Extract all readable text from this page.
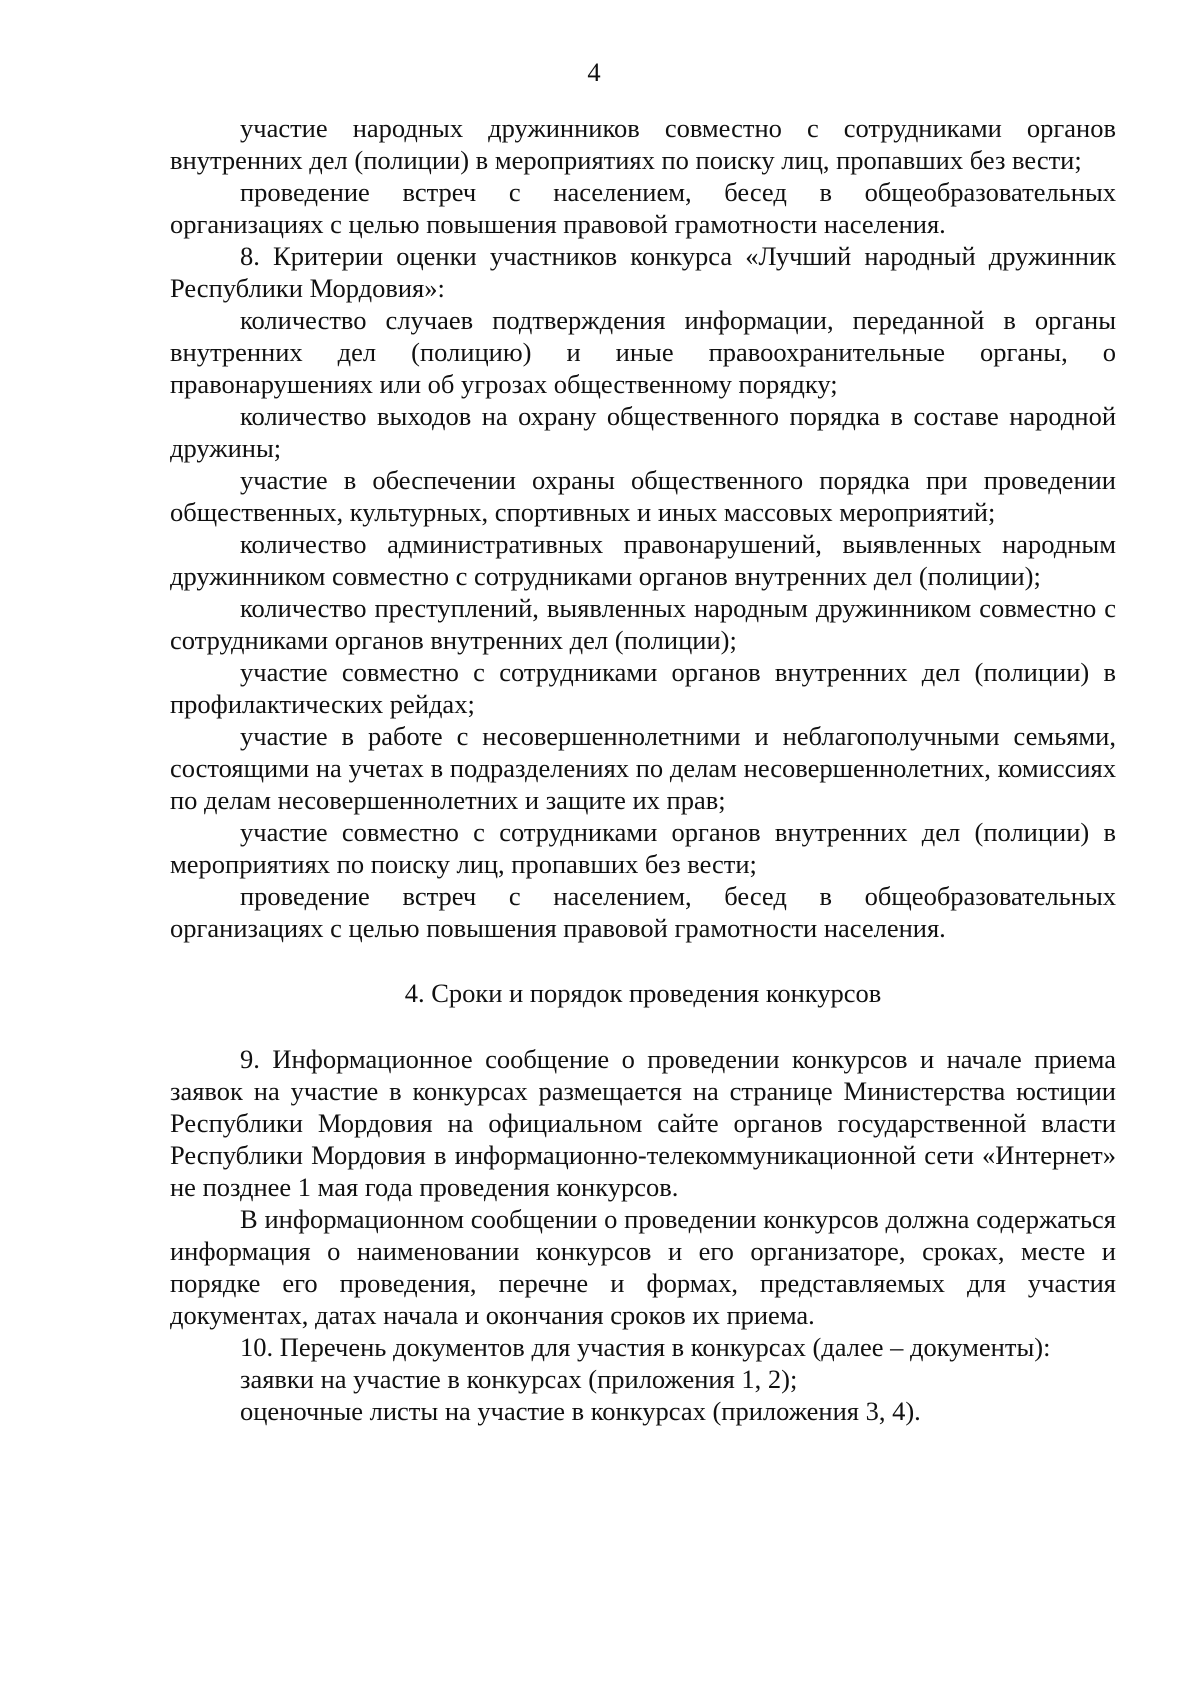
4

участие народных дружинников совместно с сотрудниками органов внутренних дел (полиции) в мероприятиях по поиску лиц, пропавших без вести;

проведение встреч с населением, бесед в общеобразовательных организациях с целью повышения правовой грамотности населения.

8. Критерии оценки участников конкурса «Лучший народный дружинник Республики Мордовия»:

количество случаев подтверждения информации, переданной в органы внутренних дел (полицию) и иные правоохранительные органы, о правонарушениях или об угрозах общественному порядку;

количество выходов на охрану общественного порядка в составе народной дружины;

участие в обеспечении охраны общественного порядка при проведении общественных, культурных, спортивных и иных массовых мероприятий;

количество административных правонарушений, выявленных народным дружинником совместно с сотрудниками органов внутренних дел (полиции);

количество преступлений, выявленных народным дружинником совместно с сотрудниками органов внутренних дел (полиции);

участие совместно с сотрудниками органов внутренних дел (полиции) в профилактических рейдах;

участие в работе с несовершеннолетними и неблагополучными семьями, состоящими на учетах в подразделениях по делам несовершеннолетних, комиссиях по делам несовершеннолетних и защите их прав;

участие совместно с сотрудниками органов внутренних дел (полиции) в мероприятиях по поиску лиц, пропавших без вести;

проведение встреч с населением, бесед в общеобразовательных организациях с целью повышения правовой грамотности населения.

4. Сроки и порядок проведения конкурсов

9. Информационное сообщение о проведении конкурсов и начале приема заявок на участие в конкурсах размещается на странице Министерства юстиции Республики Мордовия на официальном сайте органов государственной власти Республики Мордовия в информационно-телекоммуникационной сети «Интернет» не позднее 1 мая года проведения конкурсов.

В информационном сообщении о проведении конкурсов должна содержаться информация о наименовании конкурсов и его организаторе, сроках, месте и порядке его проведения, перечне и формах, представляемых для участия документах, датах начала и окончания сроков их приема.

10. Перечень документов для участия в конкурсах (далее – документы):

заявки на участие в конкурсах (приложения 1, 2);

оценочные листы на участие в конкурсах (приложения 3, 4).
